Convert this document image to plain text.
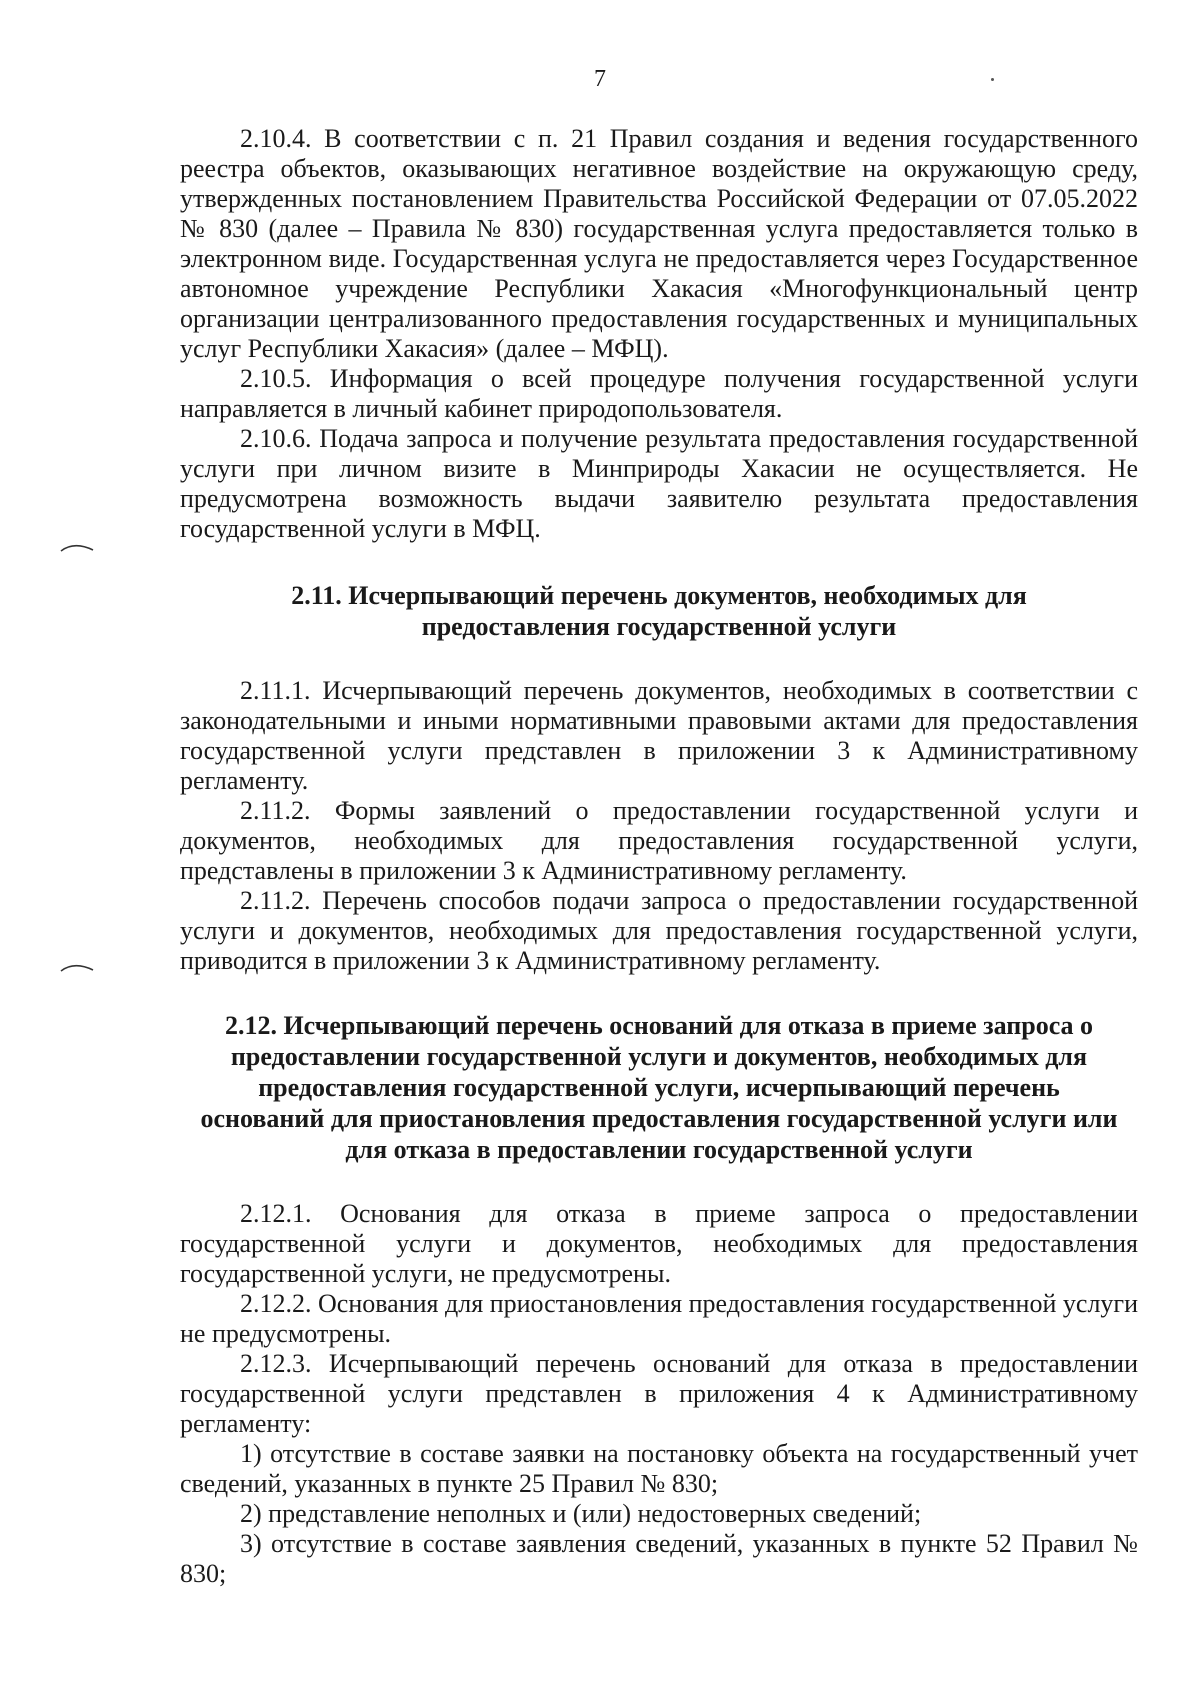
7

2.10.4. В соответствии с п. 21 Правил создания и ведения государственного реестра объектов, оказывающих негативное воздействие на окружающую среду, утвержденных постановлением Правительства Российской Федерации от 07.05.2022 № 830 (далее – Правила № 830) государственная услуга предоставляется только в электронном виде. Государственная услуга не предоставляется через Государственное автономное учреждение Республики Хакасия «Многофункциональный центр организации централизованного предоставления государственных и муниципальных услуг Республики Хакасия» (далее – МФЦ).

2.10.5. Информация о всей процедуре получения государственной услуги направляется в личный кабинет природопользователя.

2.10.6. Подача запроса и получение результата предоставления государственной услуги при личном визите в Минприроды Хакасии не осуществляется. Не предусмотрена возможность выдачи заявителю результата предоставления государственной услуги в МФЦ.

2.11. Исчерпывающий перечень документов, необходимых для предоставления государственной услуги

2.11.1. Исчерпывающий перечень документов, необходимых в соответствии с законодательными и иными нормативными правовыми актами для предоставления государственной услуги представлен в приложении 3 к Административному регламенту.

2.11.2. Формы заявлений о предоставлении государственной услуги и документов, необходимых для предоставления государственной услуги, представлены в приложении 3 к Административному регламенту.

2.11.2. Перечень способов подачи запроса о предоставлении государственной услуги и документов, необходимых для предоставления государственной услуги, приводится в приложении 3 к Административному регламенту.

2.12. Исчерпывающий перечень оснований для отказа в приеме запроса о предоставлении государственной услуги и документов, необходимых для предоставления государственной услуги, исчерпывающий перечень оснований для приостановления предоставления государственной услуги или для отказа в предоставлении государственной услуги

2.12.1. Основания для отказа в приеме запроса о предоставлении государственной услуги и документов, необходимых для предоставления государственной услуги, не предусмотрены.

2.12.2. Основания для приостановления предоставления государственной услуги не предусмотрены.

2.12.3. Исчерпывающий перечень оснований для отказа в предоставлении государственной услуги представлен в приложения 4 к Административному регламенту:

1) отсутствие в составе заявки на постановку объекта на государственный учет сведений, указанных в пункте 25 Правил № 830;

2) представление неполных и (или) недостоверных сведений;

3) отсутствие в составе заявления сведений, указанных в пункте 52 Правил № 830;
